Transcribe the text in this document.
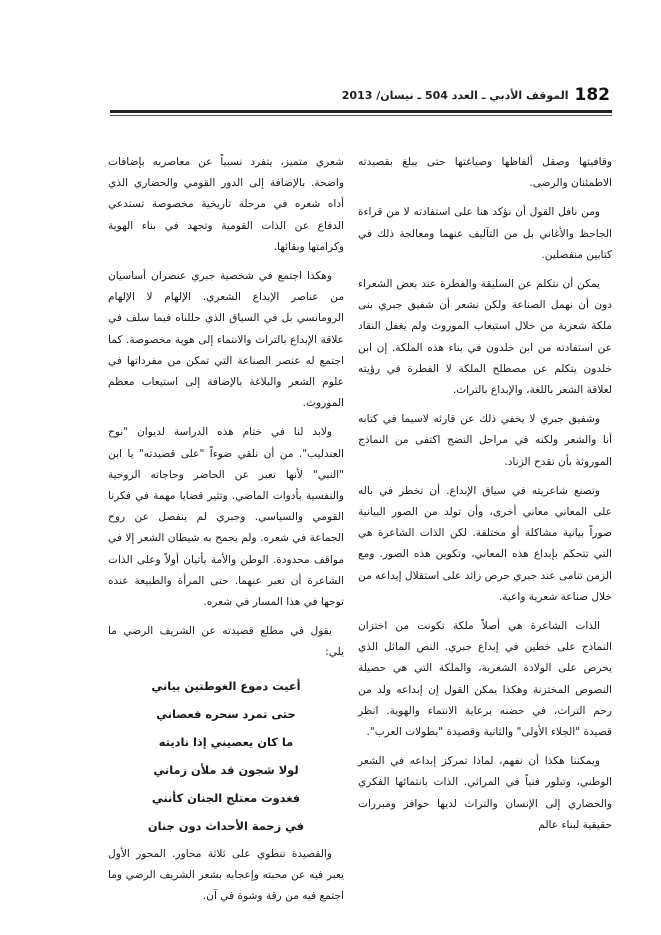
182
الموقف الأدبي ـ العدد 504 ـ نيسان/ 2013

وقافيتها وصقل ألفاظها وصياغتها حتى يبلغ بقصيدته الاطمئنان والرضى.

ومن نافل القول أن نؤكد هنا على استفادته لا من قراءة الجاحظ والأغاني بل من التآليف عنهما ومعالجة ذلك في كتابين منفصلين.

يمكن أن نتكلم عن السليقة والفطرة عند بعض الشعراء دون أن نهمل الصناعة ولكن نشعر أن شفيق جبري بنى ملكة شعرية من خلال استيعاب الموروث ولم يغفل النقاد عن استفادته من ابن خلدون في بناء هذه الملكة. إن ابن خلدون يتكلم عن مصطلح الملكة لا الفطرة في رؤيته لعلاقة الشعر باللغة، والإبداع بالتراث.

وشفيق جبري لا يخفي ذلك عن قارئه لاسيما في كتابه أنا والشعر ولكنه في مراحل النضج اكتفى من النماذج الموروثة بأن تقدح الزناد.

وتصنع شاعريته في سياق الإبداع. أن تخطر في باله على المعاني معاني أخرى، وأن تولد من الصور البيانية صوراً بيانية مشاكلة أو مختلفة. لكن الذات الشاعرة هي التي تتحكم بإبداع هذه المعاني، وتكوين هذه الصور. ومع الزمن تنامى عند جبري حرص زائد على استقلال إبداعه من خلال صناعة شعرية واعية.

الذات الشاعرة هي أصلاً ملكة تكونت من اختزان النماذج على خطين في إبداع جبري. النص الماثل الذي يحرص على الولادة الشعرية، والملكة التي هي حصيلة النصوص المختزنة وهكذا يمكن القول إن إبداعه ولد من رحم التراث، في حضنه برعاية الانتماء والهوية. انظر قصيدة "الجلاء الأولى" والثانية وقصيدة "بطولات العرب".

ويمكننا هكذا أن نفهم، لماذا تمركز إبداعه في الشعر الوطني، وتبلور فنياً في المراثي. الذات بانتمائها الفكري والحضاري إلى الإنسان والتراث لديها حوافز ومبررات حقيقية لبناء عالم

شعري متميز، يتفرد نسبياً عن معاصريه بإضافات واضحة. بالإضافة إلى الدور القومي والحضاري الذي أداه شعره في مرحلة تاريخية مخصوصة تستدعي الدفاع عن الذات القومية وتجهد في بناء الهوية وكرامتها وبقائها.

وهكذا اجتمع في شخصية جبري عنصران أساسيان من عناصر الإبداع الشعري. الإلهام لا الإلهام الرومانسي بل في السياق الذي حللناه فيما سلف في علاقة الإبداع بالتراث والانتماء إلى هوية مخصوصة. كما اجتمع له عنصر الصناعة التي تمكن من مفرداتها في علوم الشعر والبلاغة بالإضافة إلى استيعاب معظم الموروث.

ولابد لنا في ختام هذه الدراسة لديوان "نوح العندليب". من أن نلقي ضوءاً "على قصيدته" يا ابن "النبي" لأنها تعبر عن الحاضر وحاجاته الروحية والنفسية بأدوات الماضي. وتثير قضايا مهمة في فكرنا القومي والسياسي. وجبري لم ينفصل عن روح الجماعة في شعره. ولم يجمح به شيطان الشعر إلا في مواقف محدودة. الوطن والأمة يأتيان أولاً وعلى الذات الشاعرة أن تعبر عنهما. حتى المرأة والطبيعة عنده توجها في هذا المسار في شعره.

يقول في مطلع قصيدته عن الشريف الرضي ما يلي:

أعيت دموع الغوطتين بياني
حتى تمرد سحره فعصاني
ما كان يعصيني إذا ناديته
لولا شجون قد ملأن زماني
فغدوت معتلج الجنان كأنني
في زحمة الأحداث دون جنان

والقصيدة تنطوي على ثلاثة محاور. المحور الأول يعبر فيه عن محبته وإعجابه بشعر الشريف الرضي وما اجتمع فيه من رقة وشوة في آن.
